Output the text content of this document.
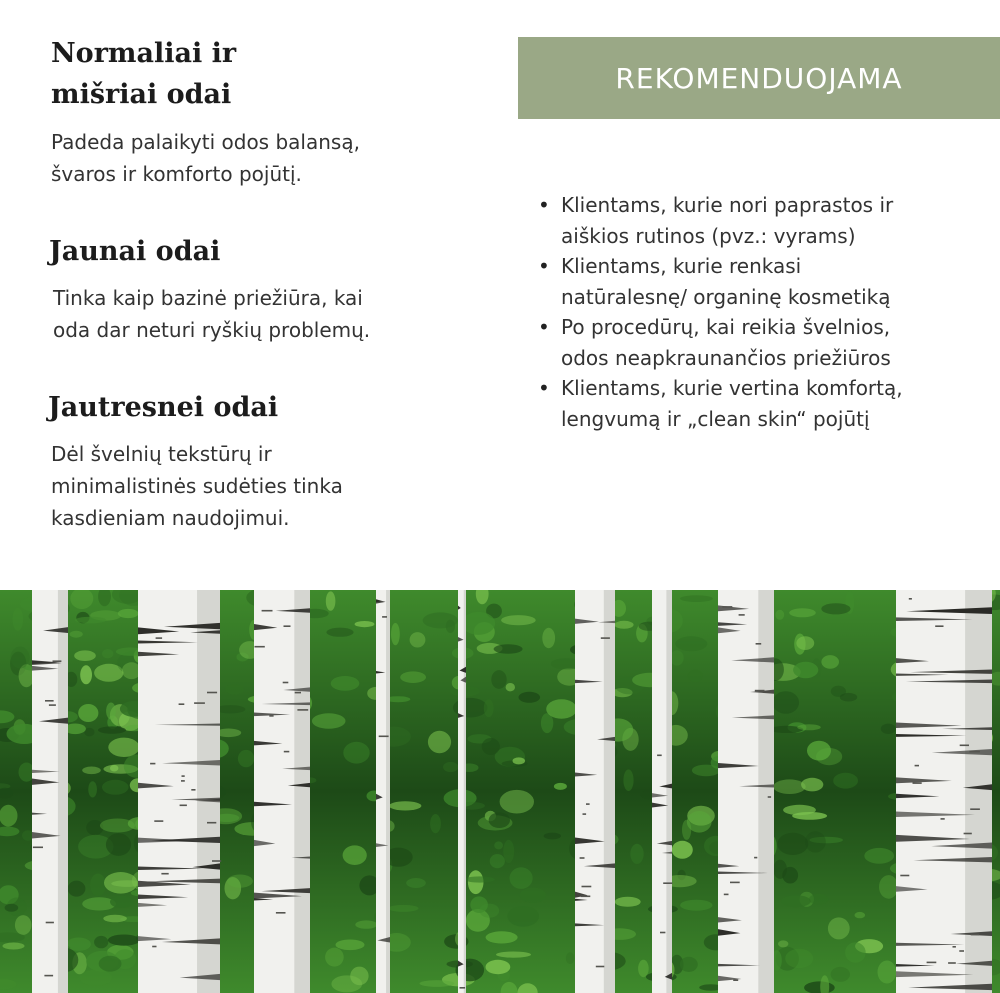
Normaliai ir
mišriai odai

Padeda palaikyti odos balansą,
švaros ir komforto pojūtį.

Jaunai odai

Tinka kaip bazinė priežiūra, kai
oda dar neturi ryškių problemų.

Jautresnei odai

Dėl švelnių tekstūrų ir
minimalistinės sudėties tinka
kasdieniam naudojimui.

REKOMENDUOJAMA
• Klientams, kurie nori paprastos ir
aiškios rutinos (pvz.: vyrams)
• Klientams, kurie renkasi
natūralesnę/ organinę kosmetiką
• Po procedūrų, kai reikia švelnios,
odos neapkraunančios priežiūros
• Klientams, kurie vertina komfortą,
lengvumą ir „clean skin“ pojūtį
